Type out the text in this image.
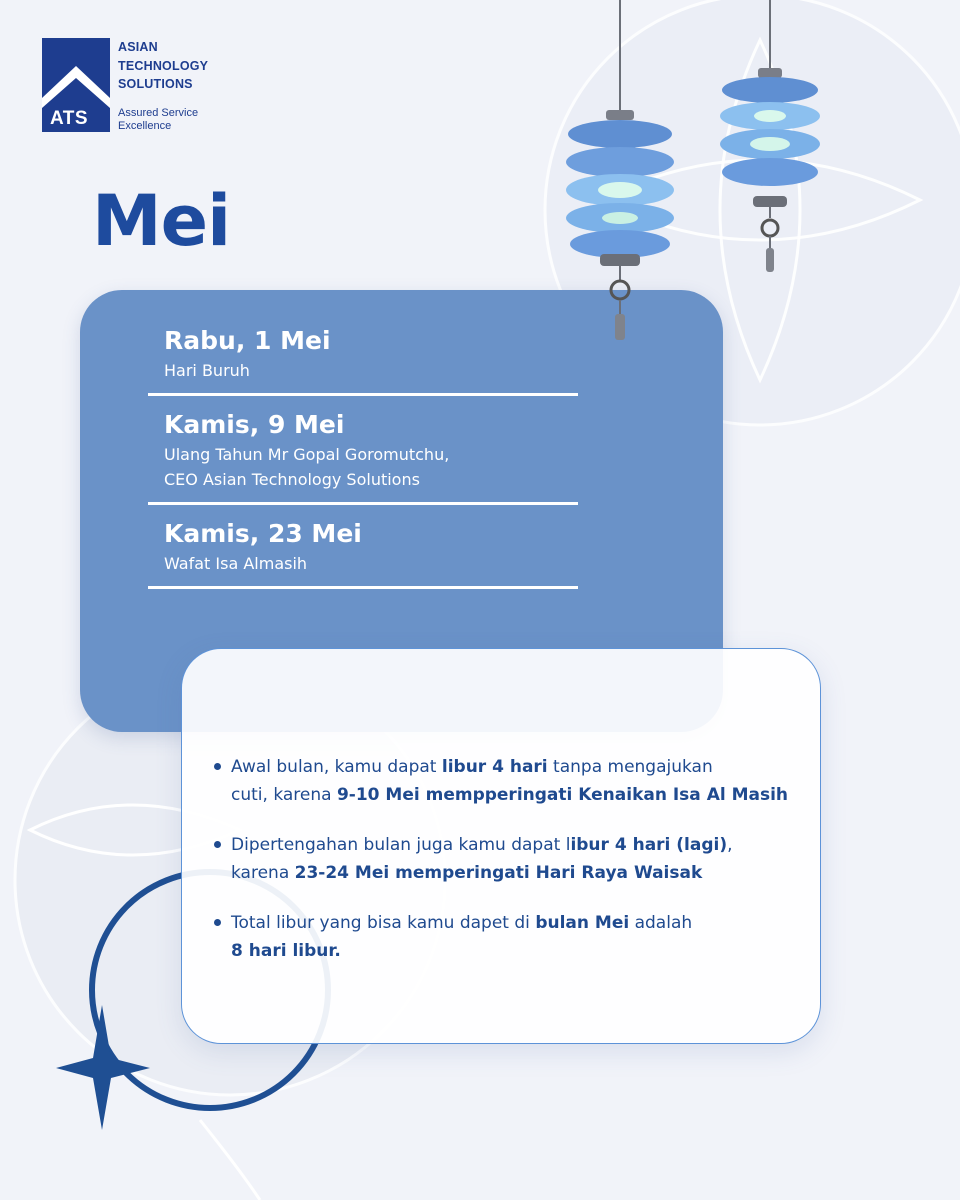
ATS
ASIAN
TECHNOLOGY
SOLUTIONS
Assured Service
Excellence
Mei
Rabu, 1 Mei
Hari Buruh
Kamis, 9 Mei
Ulang Tahun Mr Gopal Goromutchu,
CEO Asian Technology Solutions
Kamis, 23 Mei
Wafat Isa Almasih
Awal bulan, kamu dapat libur 4 hari tanpa mengajukan
cuti, karena 9-10 Mei mempperingati Kenaikan Isa Al Masih
Dipertengahan bulan juga kamu dapat libur 4 hari (lagi),
karena 23-24 Mei memperingati Hari Raya Waisak
Total libur yang bisa kamu dapet di bulan Mei adalah
8 hari libur.
